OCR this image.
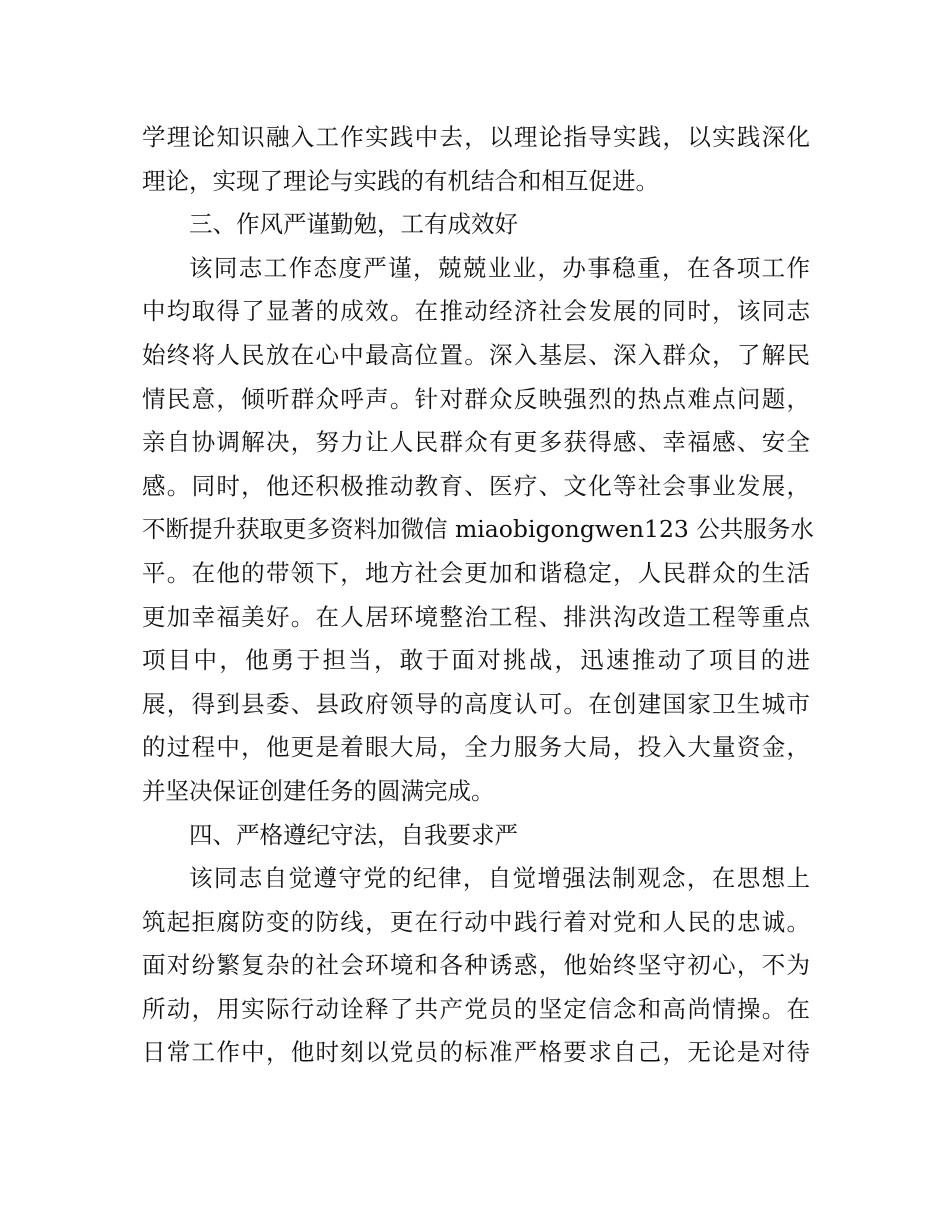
学理论知识融入工作实践中去，以理论指导实践，以实践深化
理论，实现了理论与实践的有机结合和相互促进。
三、作风严谨勤勉，工有成效好
该同志工作态度严谨，兢兢业业，办事稳重，在各项工作
中均取得了显著的成效。在推动经济社会发展的同时，该同志
始终将人民放在心中最高位置。深入基层、深入群众，了解民
情民意，倾听群众呼声。针对群众反映强烈的热点难点问题，
亲自协调解决，努力让人民群众有更多获得感、幸福感、安全
感。同时，他还积极推动教育、医疗、文化等社会事业发展，
不断提升获取更多资料加微信 miaobigongwen123 公共服务水
平。在他的带领下，地方社会更加和谐稳定，人民群众的生活
更加幸福美好。在人居环境整治工程、排洪沟改造工程等重点
项目中，他勇于担当，敢于面对挑战，迅速推动了项目的进
展，得到县委、县政府领导的高度认可。在创建国家卫生城市
的过程中，他更是着眼大局，全力服务大局，投入大量资金，
并坚决保证创建任务的圆满完成。
四、严格遵纪守法，自我要求严
该同志自觉遵守党的纪律，自觉增强法制观念，在思想上
筑起拒腐防变的防线，更在行动中践行着对党和人民的忠诚。
面对纷繁复杂的社会环境和各种诱惑，他始终坚守初心，不为
所动，用实际行动诠释了共产党员的坚定信念和高尚情操。在
日常工作中，他时刻以党员的标准严格要求自己，无论是对待
